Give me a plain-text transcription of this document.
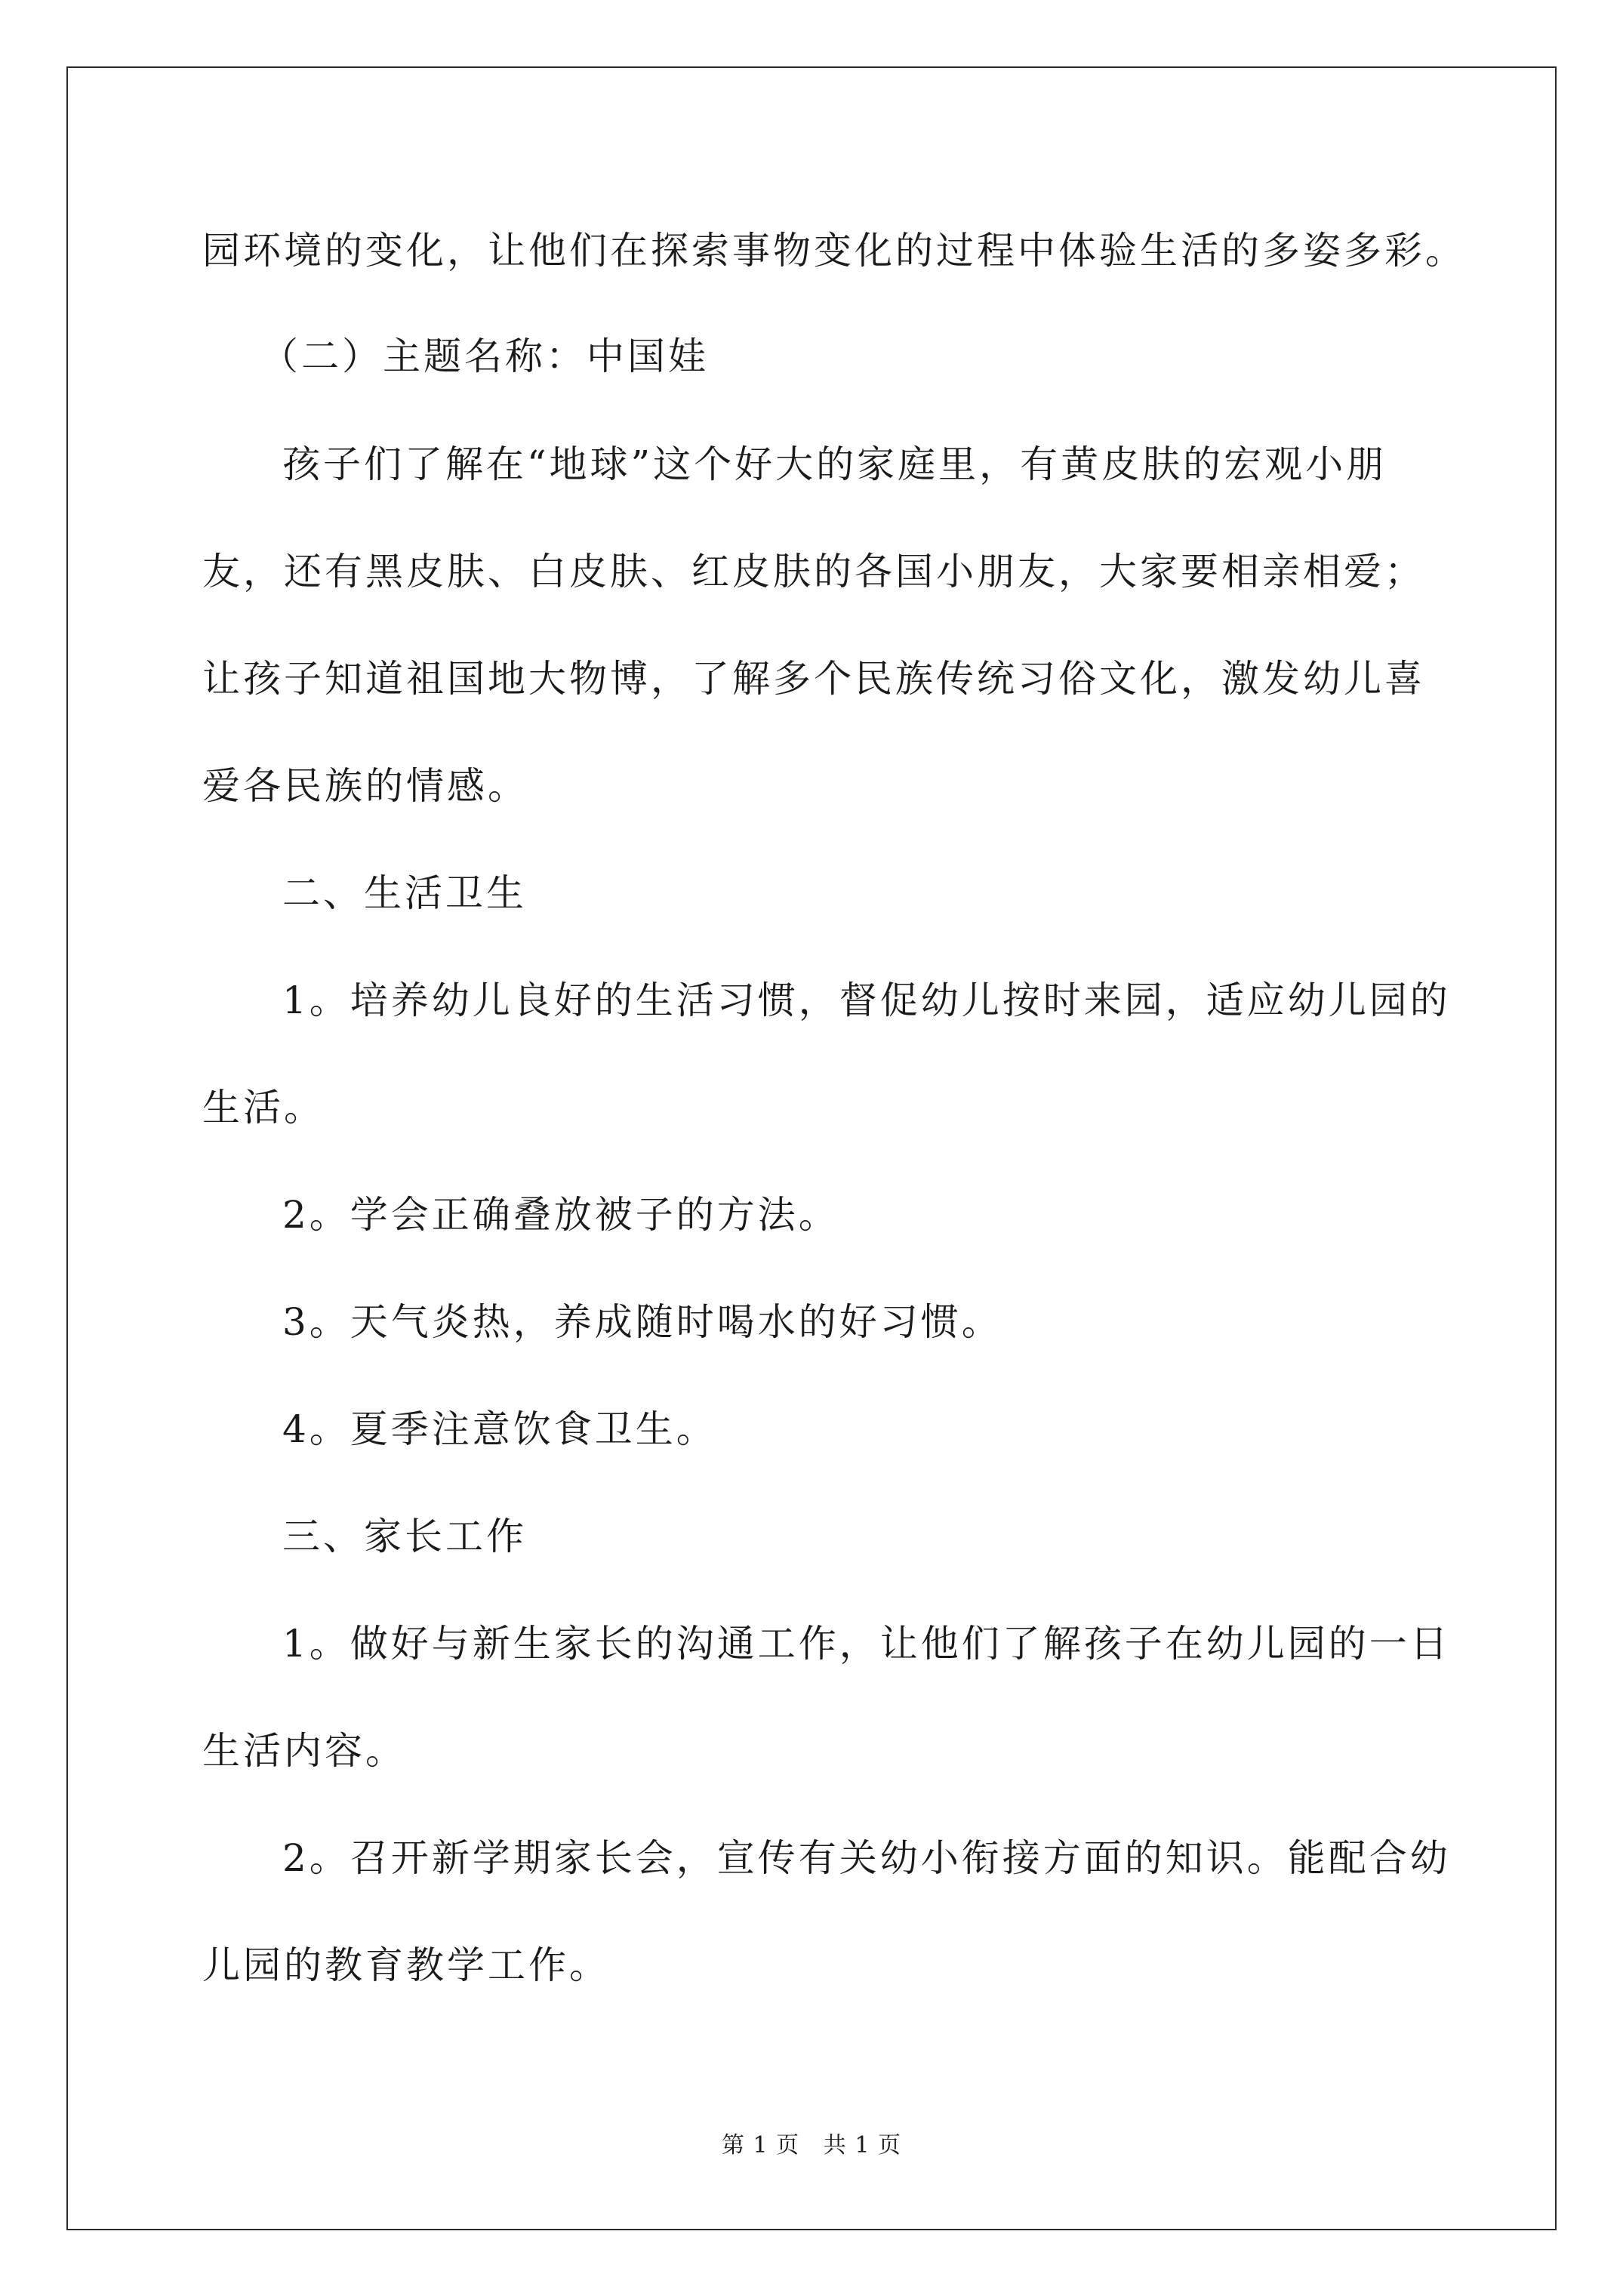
园环境的变化，让他们在探索事物变化的过程中体验生活的多姿多彩。
（二）主题名称：中国娃
孩子们了解在“地球”这个好大的家庭里，有黄皮肤的宏观小朋
友，还有黑皮肤、白皮肤、红皮肤的各国小朋友，大家要相亲相爱；
让孩子知道祖国地大物博，了解多个民族传统习俗文化，激发幼儿喜
爱各民族的情感。
二、生活卫生
1。培养幼儿良好的生活习惯，督促幼儿按时来园，适应幼儿园的
生活。
2。学会正确叠放被子的方法。
3。天气炎热，养成随时喝水的好习惯。
4。夏季注意饮食卫生。
三、家长工作
1。做好与新生家长的沟通工作，让他们了解孩子在幼儿园的一日
生活内容。
2。召开新学期家长会，宣传有关幼小衔接方面的知识。能配合幼
儿园的教育教学工作。
第 1 页 共 1 页
